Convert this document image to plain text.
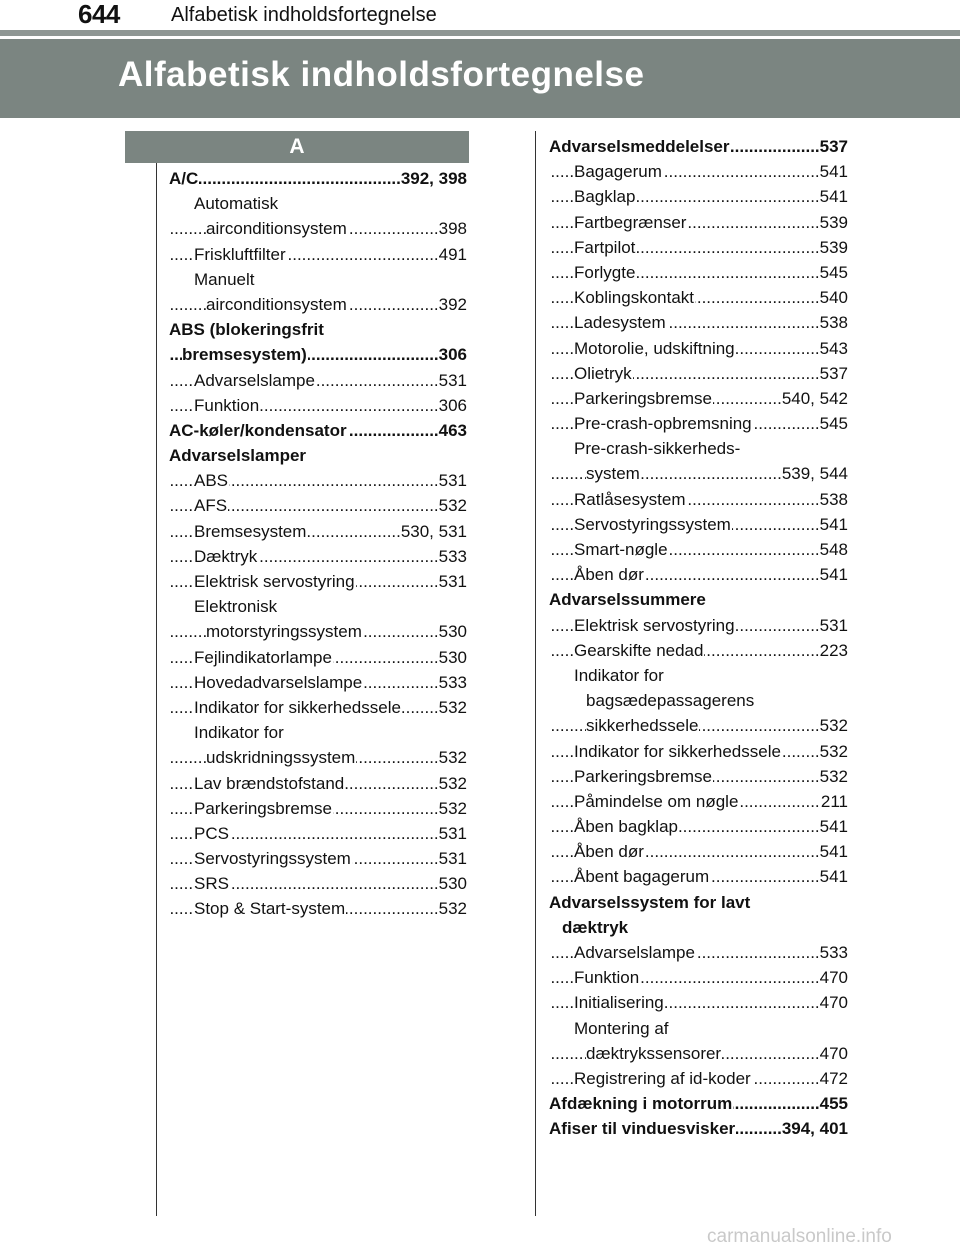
644	Alfabetisk indholdsfortegnelse
Alfabetisk indholdsfortegnelse
A
..... A/C	392, 398
Automatisk
..... airconditionsystem	398
..... Friskluftfilter	491
Manuelt
..... airconditionsystem	392
ABS (blokeringsfrit
..... bremsesystem)	306
..... Advarselslampe	531
..... Funktion	306
..... AC-køler/kondensator	463
Advarselslamper
..... ABS	531
..... AFS	532
..... Bremsesystem	530, 531
..... Dæktryk	533
..... Elektrisk servostyring	531
Elektronisk
..... motorstyringssystem	530
..... Fejlindikatorlampe	530
..... Hovedadvarselslampe	533
..... Indikator for sikkerhedssele 532
Indikator for
..... udskridningssystem	532
..... Lav brændstofstand	532
..... Parkeringsbremse	532
..... PCS	531
..... Servostyringssystem	531
..... SRS	530
..... Stop & Start-system	532
..... Advarselsmeddelelser	537
..... Bagagerum	541
..... Bagklap	541
..... Fartbegrænser	539
..... Fartpilot	539
..... Forlygte	545
..... Koblingskontakt	540
..... Ladesystem	538
..... Motorolie, udskiftning	543
..... Olietryk	537
..... Parkeringsbremse	540, 542
..... Pre-crash-opbremsning	545
Pre-crash-sikkerheds-
..... system	539, 544
..... Ratlåsesystem	538
..... Servostyringssystem	541
..... Smart-nøgle	548
..... Åben dør	541
Advarselssummere
..... Elektrisk servostyring	531
..... Gearskifte nedad	223
Indikator for
bagsædepassagerens
..... sikkerhedssele	532
..... Indikator for sikkerhedssele 532
..... Parkeringsbremse	532
..... Påmindelse om nøgle	211
..... Åben bagklap	541
..... Åben dør	541
..... Åbent bagagerum	541
Advarselssystem for lavt
dæktryk
..... Advarselslampe	533
..... Funktion	470
..... Initialisering	470
Montering af
..... dæktrykssensorer	470
..... Registrering af id-koder	472
..... Afdækning i motorrum	455
..... Afiser til vinduesvisker	394, 401
carmanualsonline.info
